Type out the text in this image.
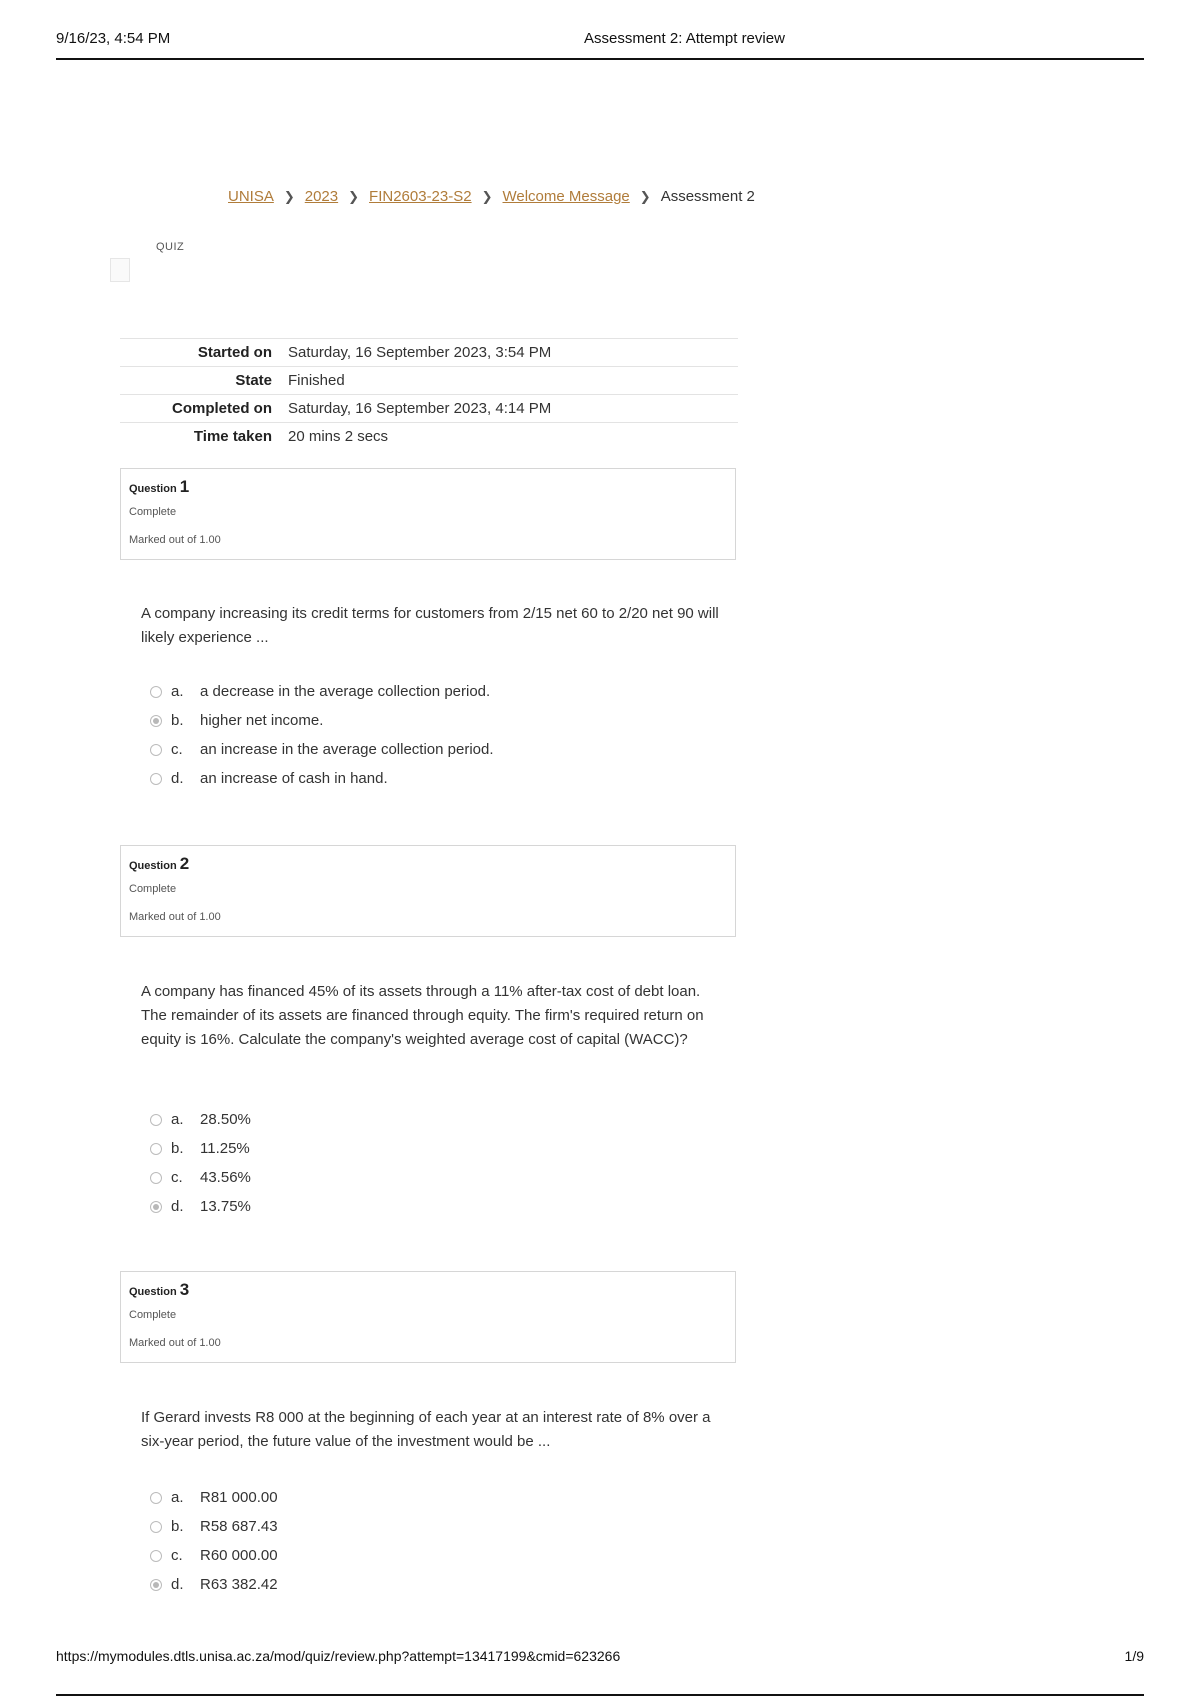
9/16/23, 4:54 PM	Assessment 2: Attempt review
UNISA ❯ 2023 ❯ FIN2603-23-S2 ❯ Welcome Message ❯ Assessment 2
QUIZ
Started on	Saturday, 16 September 2023, 3:54 PM
State	Finished
Completed on	Saturday, 16 September 2023, 4:14 PM
Time taken	20 mins 2 secs
Question 1
Complete
Marked out of 1.00
A company increasing its credit terms for customers from 2/15 net 60 to 2/20 net 90 will likely experience ...
a.	a decrease in the average collection period.
b.	higher net income.
c.	an increase in the average collection period.
d.	an increase of cash in hand.
Question 2
Complete
Marked out of 1.00
A company has financed 45% of its assets through a 11% after-tax cost of debt loan. The remainder of its assets are financed through equity. The firm's required return on equity is 16%. Calculate the company's weighted average cost of capital (WACC)?
a.	28.50%
b.	11.25%
c.	43.56%
d.	13.75%
Question 3
Complete
Marked out of 1.00
If Gerard invests R8 000 at the beginning of each year at an interest rate of 8% over a six-year period, the future value of the investment would be ...
a.	R81 000.00
b.	R58 687.43
c.	R60 000.00
d.	R63 382.42
https://mymodules.dtls.unisa.ac.za/mod/quiz/review.php?attempt=13417199&cmid=623266	1/9
